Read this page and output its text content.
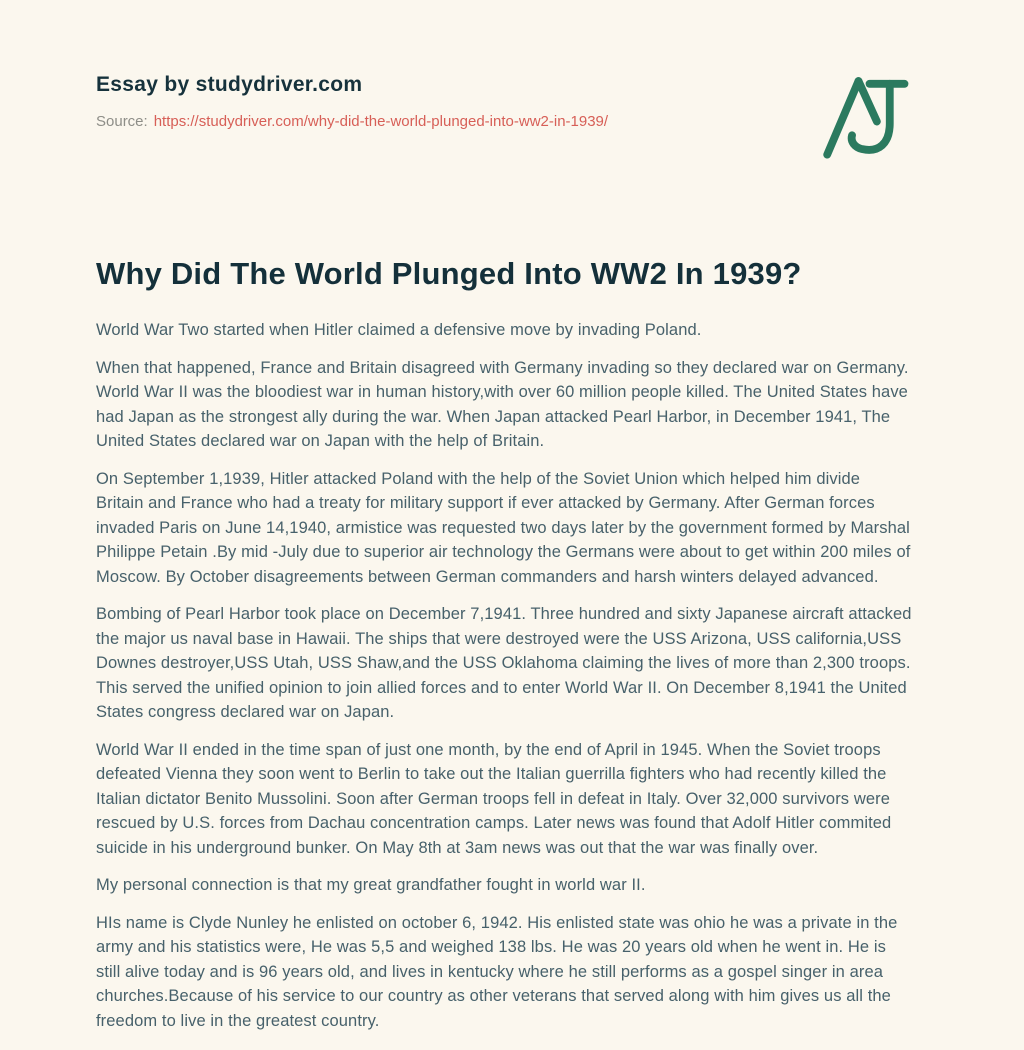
Essay by studydriver.com
Source: https://studydriver.com/why-did-the-world-plunged-into-ww2-in-1939/
Why Did The World Plunged Into WW2 In 1939?

World War Two started when Hitler claimed a defensive move by invading Poland.

When that happened, France and Britain disagreed with Germany invading so they declared war on Germany. World War II was the bloodiest war in human history,with over 60 million people killed. The United States have had Japan as the strongest ally during the war. When Japan attacked Pearl Harbor, in December 1941, The United States declared war on Japan with the help of Britain.

On September 1,1939, Hitler attacked Poland with the help of the Soviet Union which helped him divide Britain and France who had a treaty for military support if ever attacked by Germany. After German forces invaded Paris on June 14,1940, armistice was requested two days later by the government formed by Marshal Philippe Petain .By mid -July due to superior air technology the Germans were about to get within 200 miles of Moscow. By October disagreements between German commanders and harsh winters delayed advanced.

Bombing of Pearl Harbor took place on December 7,1941. Three hundred and sixty Japanese aircraft attacked the major us naval base in Hawaii. The ships that were destroyed were the USS Arizona, USS california,USS Downes destroyer,USS Utah, USS Shaw,and the USS Oklahoma claiming the lives of more than 2,300 troops. This served the unified opinion to join allied forces and to enter World War II. On December 8,1941 the United States congress declared war on Japan.

World War II ended in the time span of just one month, by the end of April in 1945. When the Soviet troops defeated Vienna they soon went to Berlin to take out the Italian guerrilla fighters who had recently killed the Italian dictator Benito Mussolini. Soon after German troops fell in defeat in Italy. Over 32,000 survivors were rescued by U.S. forces from Dachau concentration camps. Later news was found that Adolf Hitler commited suicide in his underground bunker. On May 8th at 3am news was out that the war was finally over.

My personal connection is that my great grandfather fought in world war II.

HIs name is Clyde Nunley he enlisted on october 6, 1942. His enlisted state was ohio he was a private in the army and his statistics were, He was 5,5 and weighed 138 lbs. He was 20 years old when he went in. He is still alive today and is 96 years old, and lives in kentucky where he still performs as a gospel singer in area churches.Because of his service to our country as other veterans that served along with him gives us all the freedom to live in the greatest country.
